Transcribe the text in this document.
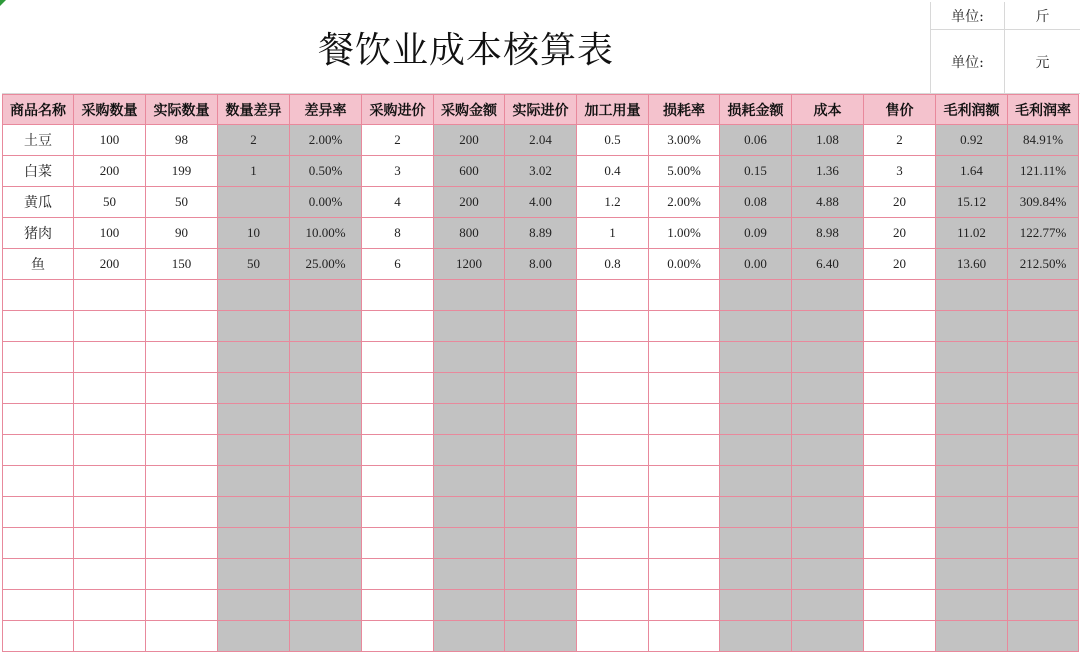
餐饮业成本核算表
单位:	斤
单位:	元
商品名称	采购数量	实际数量	数量差异	差异率	采购进价	采购金额	实际进价	加工用量	损耗率	损耗金额	成本	售价	毛利润额	毛利润率
土豆	100	98	2	2.00%	2	200	2.04	0.5	3.00%	0.06	1.08	2	0.92	84.91%
白菜	200	199	1	0.50%	3	600	3.02	0.4	5.00%	0.15	1.36	3	1.64	121.11%
黄瓜	50	50		0.00%	4	200	4.00	1.2	2.00%	0.08	4.88	20	15.12	309.84%
猪肉	100	90	10	10.00%	8	800	8.89	1	1.00%	0.09	8.98	20	11.02	122.77%
鱼	200	150	50	25.00%	6	1200	8.00	0.8	0.00%	0.00	6.40	20	13.60	212.50%
